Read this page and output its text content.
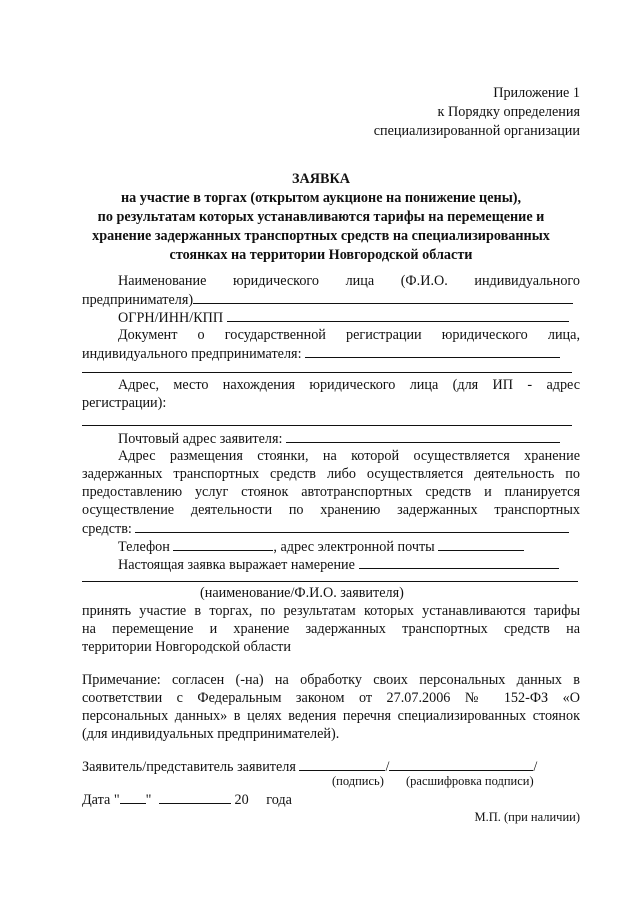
Приложение 1
к Порядку определения
специализированной организации
ЗАЯВКА
на участие в торгах (открытом аукционе на понижение цены),
по результатам которых устанавливаются тарифы на перемещение и
хранение задержанных транспортных средств на специализированных
стоянках на территории Новгородской области
Наименование юридического лица (Ф.И.О. индивидуального
предпринимателя)
ОГРН/ИНН/КПП
Документ о государственной регистрации юридического лица,
индивидуального предпринимателя:
Адрес, место нахождения юридического лица (для ИП - адрес
регистрации):
Почтовый адрес заявителя:
Адрес размещения стоянки, на которой осуществляется хранение
задержанных транспортных средств либо осуществляется деятельность по
предоставлению услуг стоянок автотранспортных средств и планируется
осуществление деятельности по хранению задержанных транспортных
средств:
Телефон	, адрес электронной почты
Настоящая заявка выражает намерение
(наименование/Ф.И.О. заявителя)
принять участие в торгах, по результатам которых устанавливаются тарифы
на перемещение и хранение задержанных транспортных средств на
территории Новгородской области
Примечание: согласен (-на) на обработку своих персональных данных в
соответствии с Федеральным законом от 27.07.2006 № 152-ФЗ «О
персональных данных» в целях ведения перечня специализированных стоянок
(для индивидуальных предпринимателей).
Заявитель/представитель заявителя	/	/
(подпись) (расшифровка подписи)
Дата " "	20 года
М.П. (при наличии)
